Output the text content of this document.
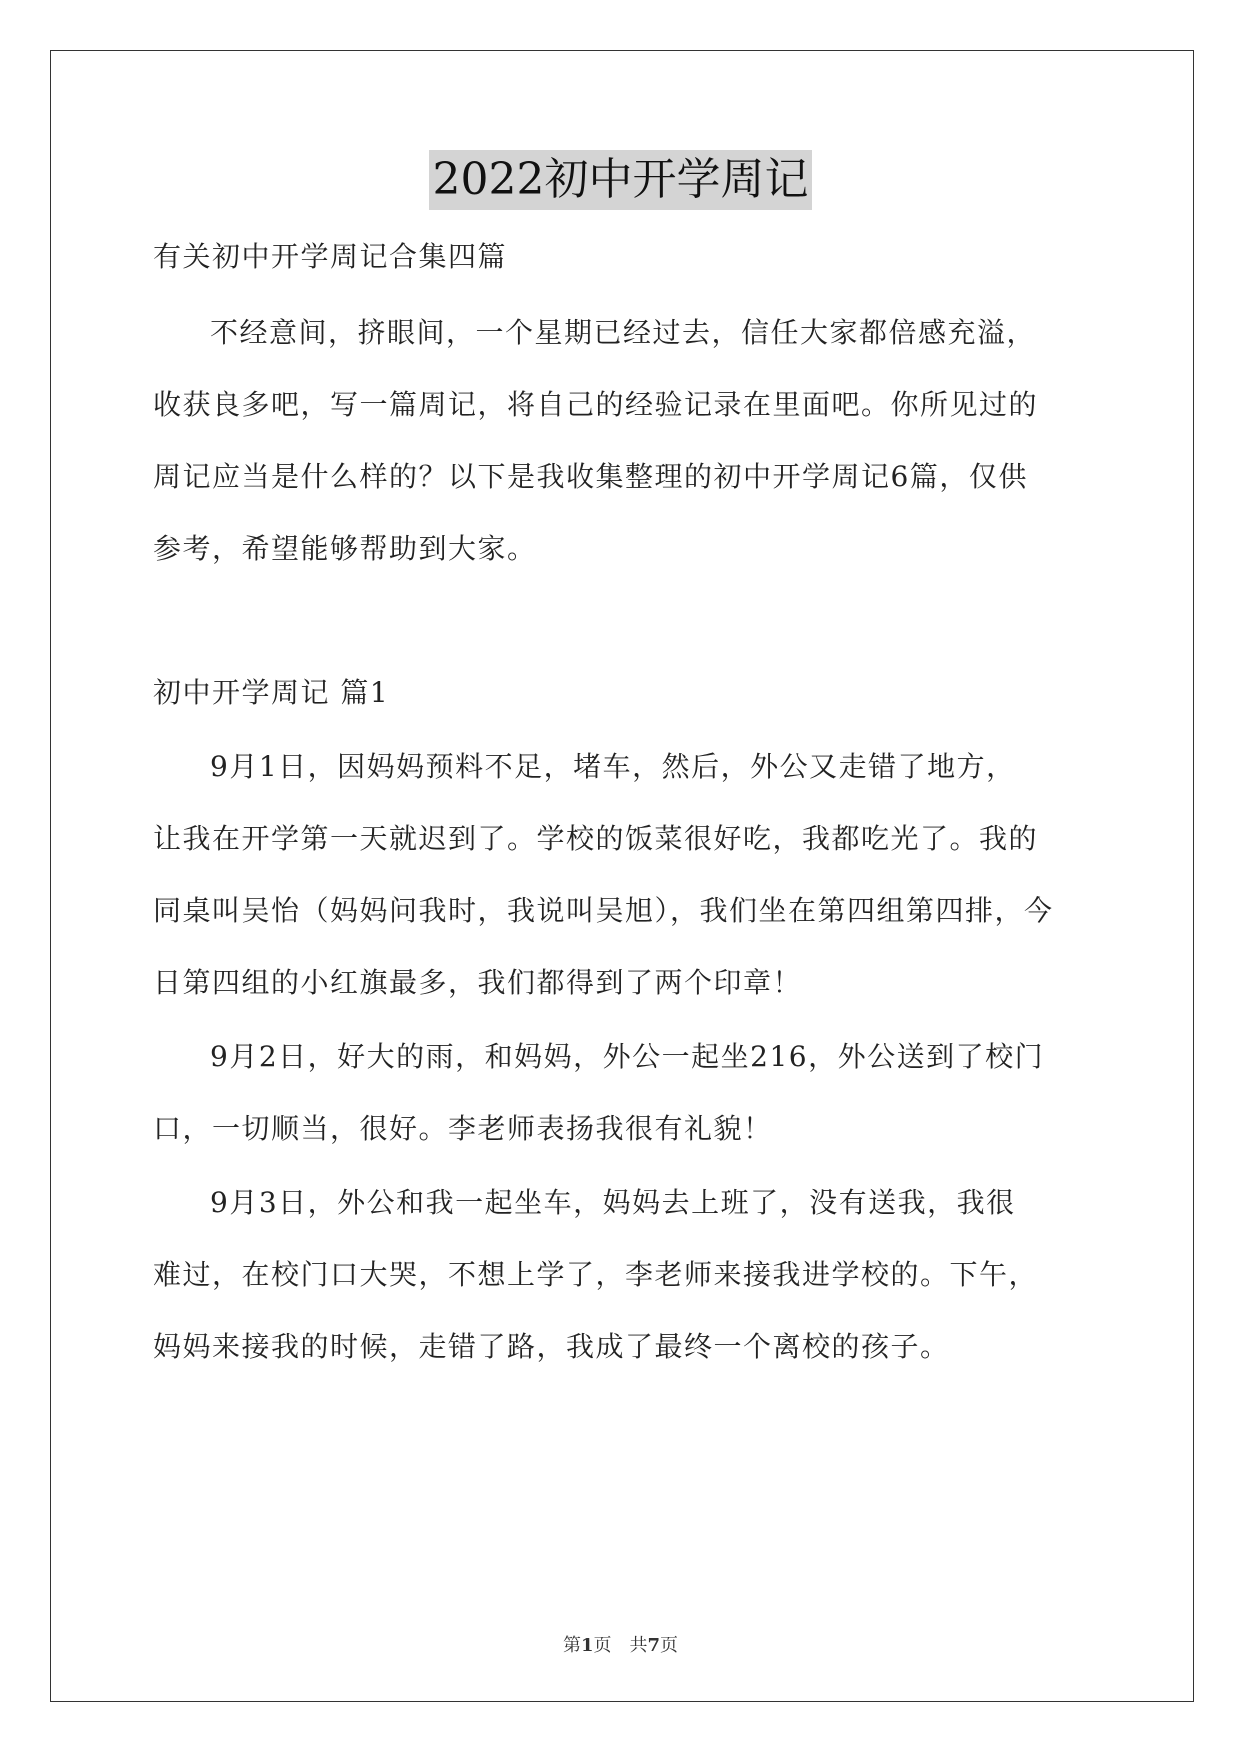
2022初中开学周记
有关初中开学周记合集四篇
不经意间，挤眼间，一个星期已经过去，信任大家都倍感充溢，
收获良多吧，写一篇周记，将自己的经验记录在里面吧。你所见过的
周记应当是什么样的？以下是我收集整理的初中开学周记6篇，仅供
参考，希望能够帮助到大家。
初中开学周记 篇1
9月1日，因妈妈预料不足，堵车，然后，外公又走错了地方，
让我在开学第一天就迟到了。学校的饭菜很好吃，我都吃光了。我的
同桌叫吴怡（妈妈问我时，我说叫吴旭），我们坐在第四组第四排，今
日第四组的小红旗最多，我们都得到了两个印章！
9月2日，好大的雨，和妈妈，外公一起坐216，外公送到了校门
口，一切顺当，很好。李老师表扬我很有礼貌！
9月3日，外公和我一起坐车，妈妈去上班了，没有送我，我很
难过，在校门口大哭，不想上学了，李老师来接我进学校的。下午，
妈妈来接我的时候，走错了路，我成了最终一个离校的孩子。
第1页　共7页
